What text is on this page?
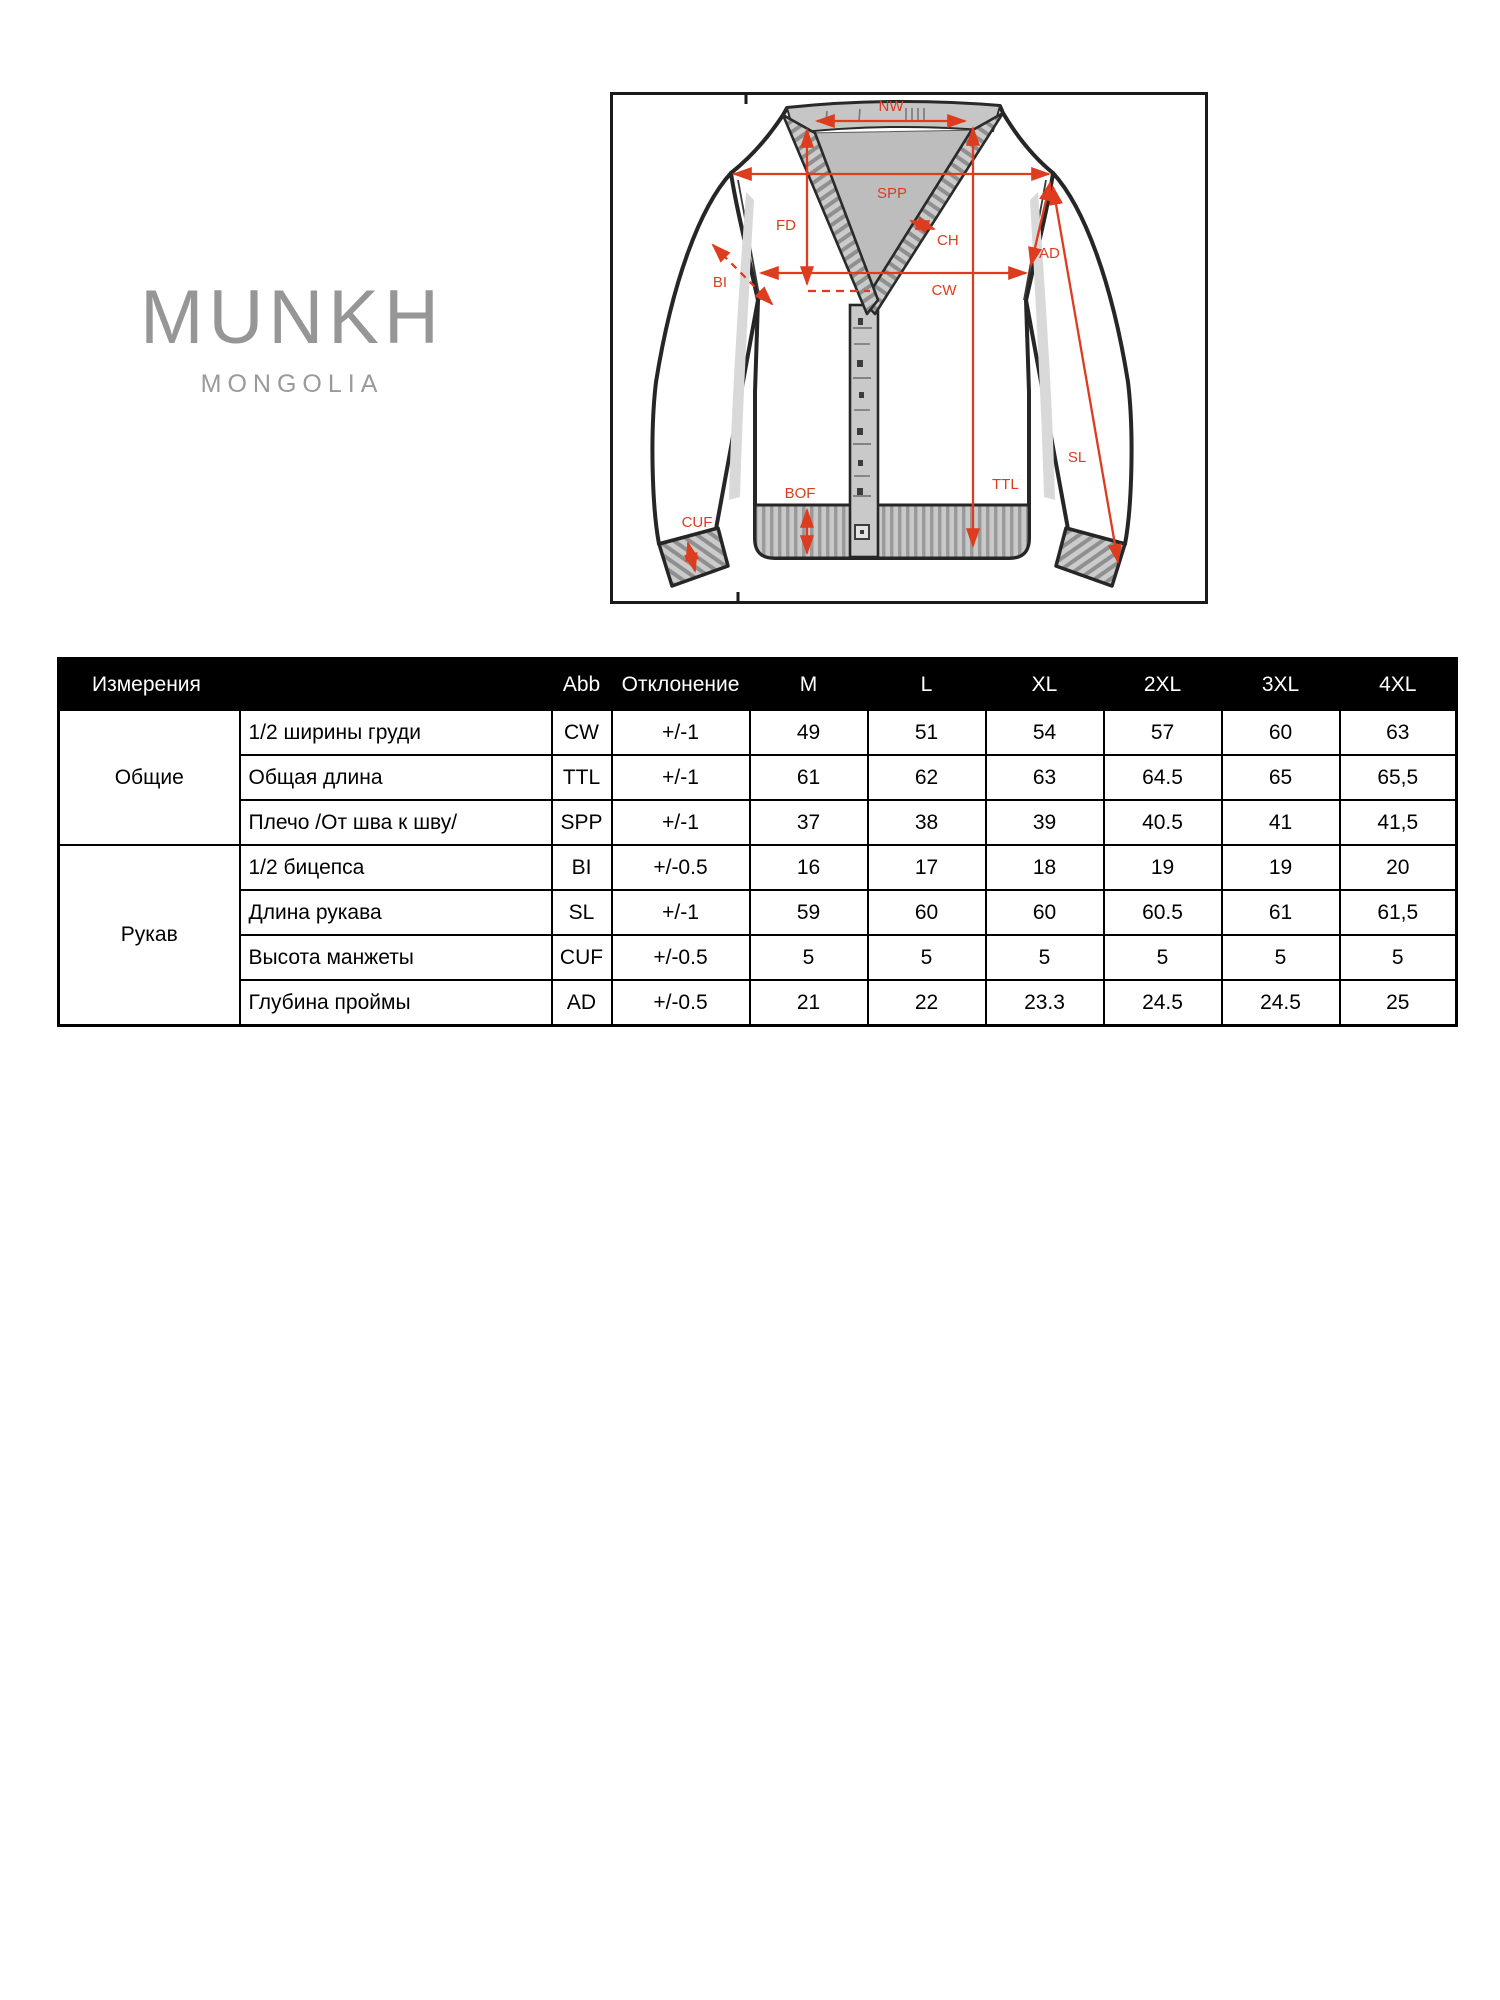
MUNKH
MONGOLIA
NW
SPP
FD
CH
BI	CW
AD
SL
TTL
BOF
CUF
Измерения		Abb	Отклонение	M	L	XL	2XL	3XL	4XL
Общие	1/2 ширины груди	CW	+/-1	49	51	54	57	60	63
	Общая длина	TTL	+/-1	61	62	63	64.5	65	65,5
	Плечо /От шва к шву/	SPP	+/-1	37	38	39	40.5	41	41,5
Рукав	1/2 бицепса	BI	+/-0.5	16	17	18	19	19	20
	Длина рукава	SL	+/-1	59	60	60	60.5	61	61,5
	Высота манжеты	CUF	+/-0.5	5	5	5	5	5	5
	Глубина проймы	AD	+/-0.5	21	22	23.3	24.5	24.5	25
